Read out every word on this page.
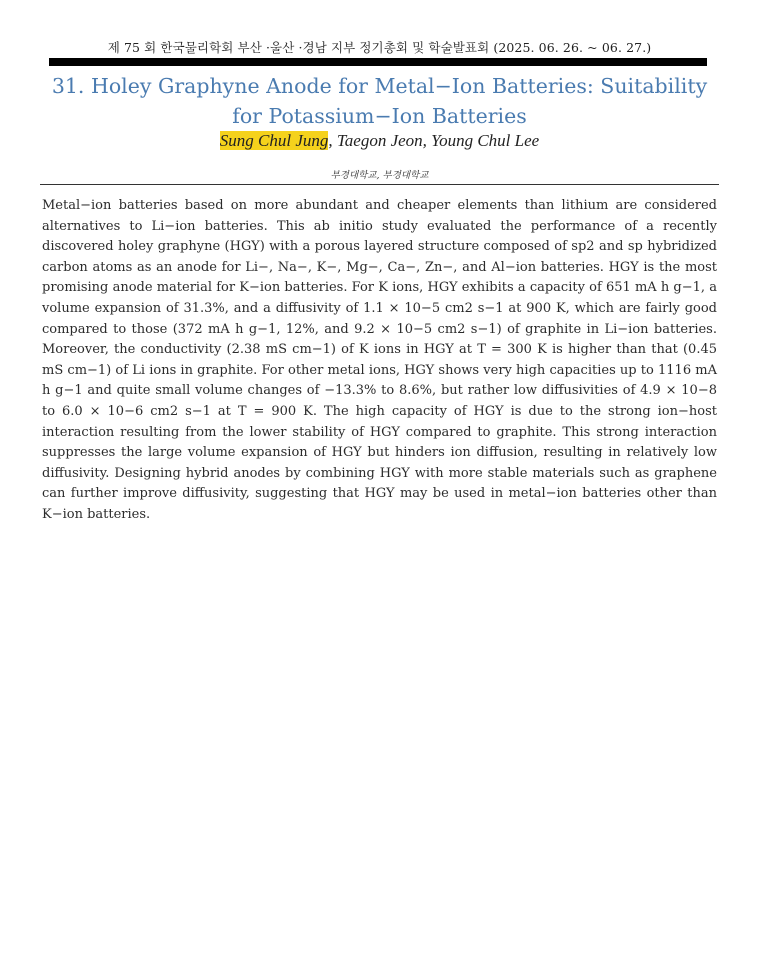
제 75 회 한국물리학회 부산 ·울산 ·경남 지부 정기총회 및 학술발표회 (2025. 06. 26. ~ 06. 27.)
31. Holey Graphyne Anode for Metal−Ion Batteries: Suitability for Potassium−Ion Batteries
Sung Chul Jung, Taegon Jeon, Young Chul Lee
부경대학교, 부경대학교

Metal−ion batteries based on more abundant and cheaper elements than lithium are considered alternatives to Li−ion batteries. This ab initio study evaluated the performance of a recently discovered holey graphyne (HGY) with a porous layered structure composed of sp2 and sp hybridized carbon atoms as an anode for Li−, Na−, K−, Mg−, Ca−, Zn−, and Al−ion batteries. HGY is the most promising anode material for K−ion batteries. For K ions, HGY exhibits a capacity of 651 mA h g−1, a volume expansion of 31.3%, and a diffusivity of 1.1 × 10−5 cm2 s−1 at 900 K, which are fairly good compared to those (372 mA h g−1, 12%, and 9.2 × 10−5 cm2 s−1) of graphite in Li−ion batteries. Moreover, the conductivity (2.38 mS cm−1) of K ions in HGY at T = 300 K is higher than that (0.45 mS cm−1) of Li ions in graphite. For other metal ions, HGY shows very high capacities up to 1116 mA h g−1 and quite small volume changes of −13.3% to 8.6%, but rather low diffusivities of 4.9 × 10−8 to 6.0 × 10−6 cm2 s−1 at T = 900 K. The high capacity of HGY is due to the strong ion−host interaction resulting from the lower stability of HGY compared to graphite. This strong interaction suppresses the large volume expansion of HGY but hinders ion diffusion, resulting in relatively low diffusivity. Designing hybrid anodes by combining HGY with more stable materials such as graphene can further improve diffusivity, suggesting that HGY may be used in metal−ion batteries other than K−ion batteries.
